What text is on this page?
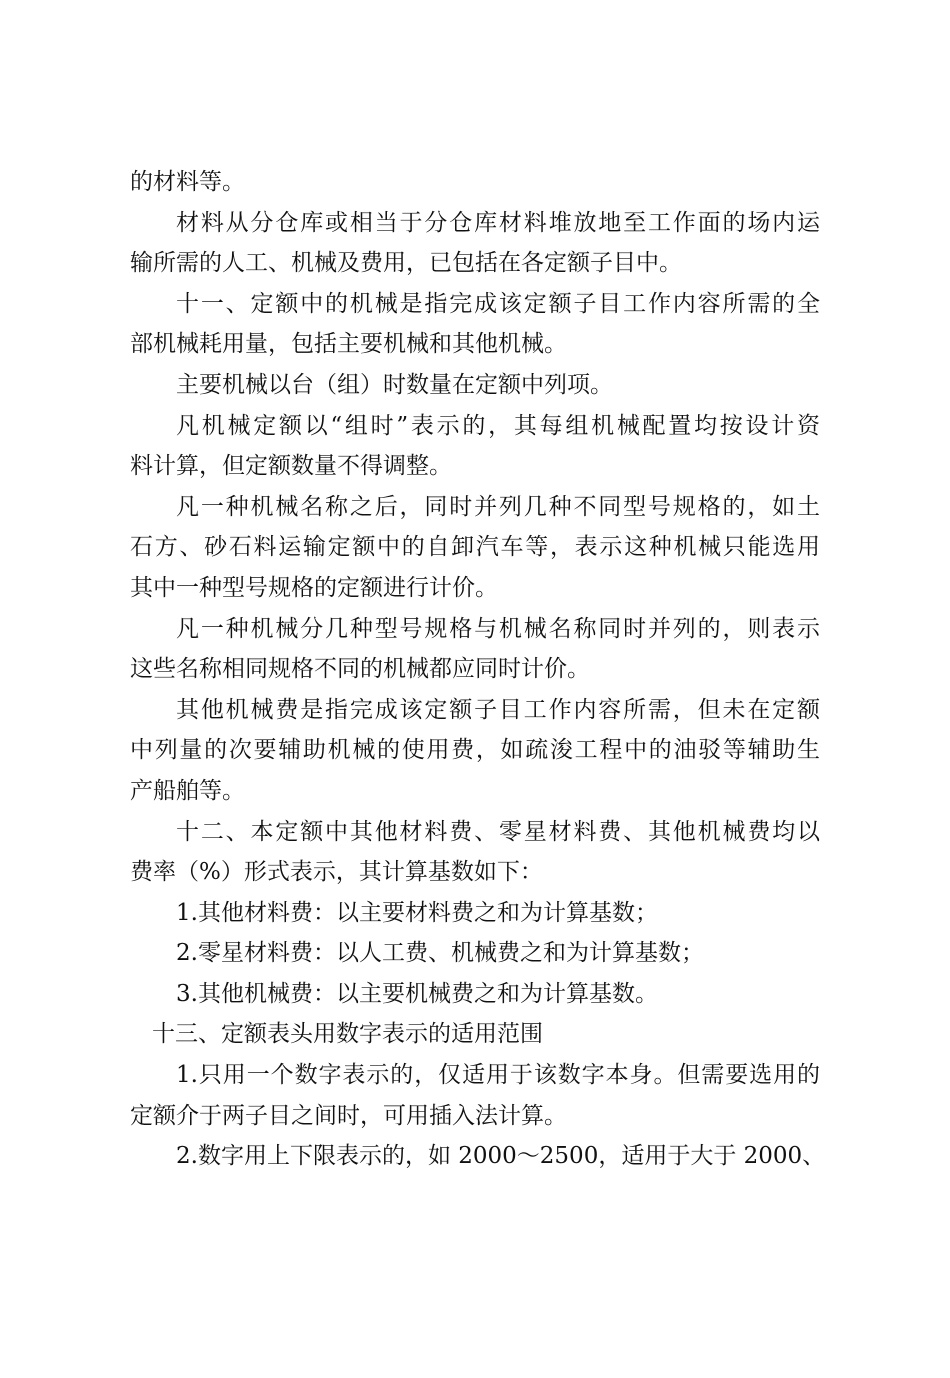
的材料等。
材料从分仓库或相当于分仓库材料堆放地至工作面的场内运
输所需的人工、机械及费用，已包括在各定额子目中。
十一、定额中的机械是指完成该定额子目工作内容所需的全
部机械耗用量，包括主要机械和其他机械。
主要机械以台（组）时数量在定额中列项。
凡机械定额以“组时”表示的，其每组机械配置均按设计资
料计算，但定额数量不得调整。
凡一种机械名称之后，同时并列几种不同型号规格的，如土
石方、砂石料运输定额中的自卸汽车等，表示这种机械只能选用
其中一种型号规格的定额进行计价。
凡一种机械分几种型号规格与机械名称同时并列的，则表示
这些名称相同规格不同的机械都应同时计价。
其他机械费是指完成该定额子目工作内容所需，但未在定额
中列量的次要辅助机械的使用费，如疏浚工程中的油驳等辅助生
产船舶等。
十二、本定额中其他材料费、零星材料费、其他机械费均以
费率（%）形式表示，其计算基数如下：
1.其他材料费：以主要材料费之和为计算基数；
2.零星材料费：以人工费、机械费之和为计算基数；
3.其他机械费：以主要机械费之和为计算基数。
十三、定额表头用数字表示的适用范围
1.只用一个数字表示的，仅适用于该数字本身。但需要选用的
定额介于两子目之间时，可用插入法计算。
2.数字用上下限表示的，如 2000～2500，适用于大于 2000、
